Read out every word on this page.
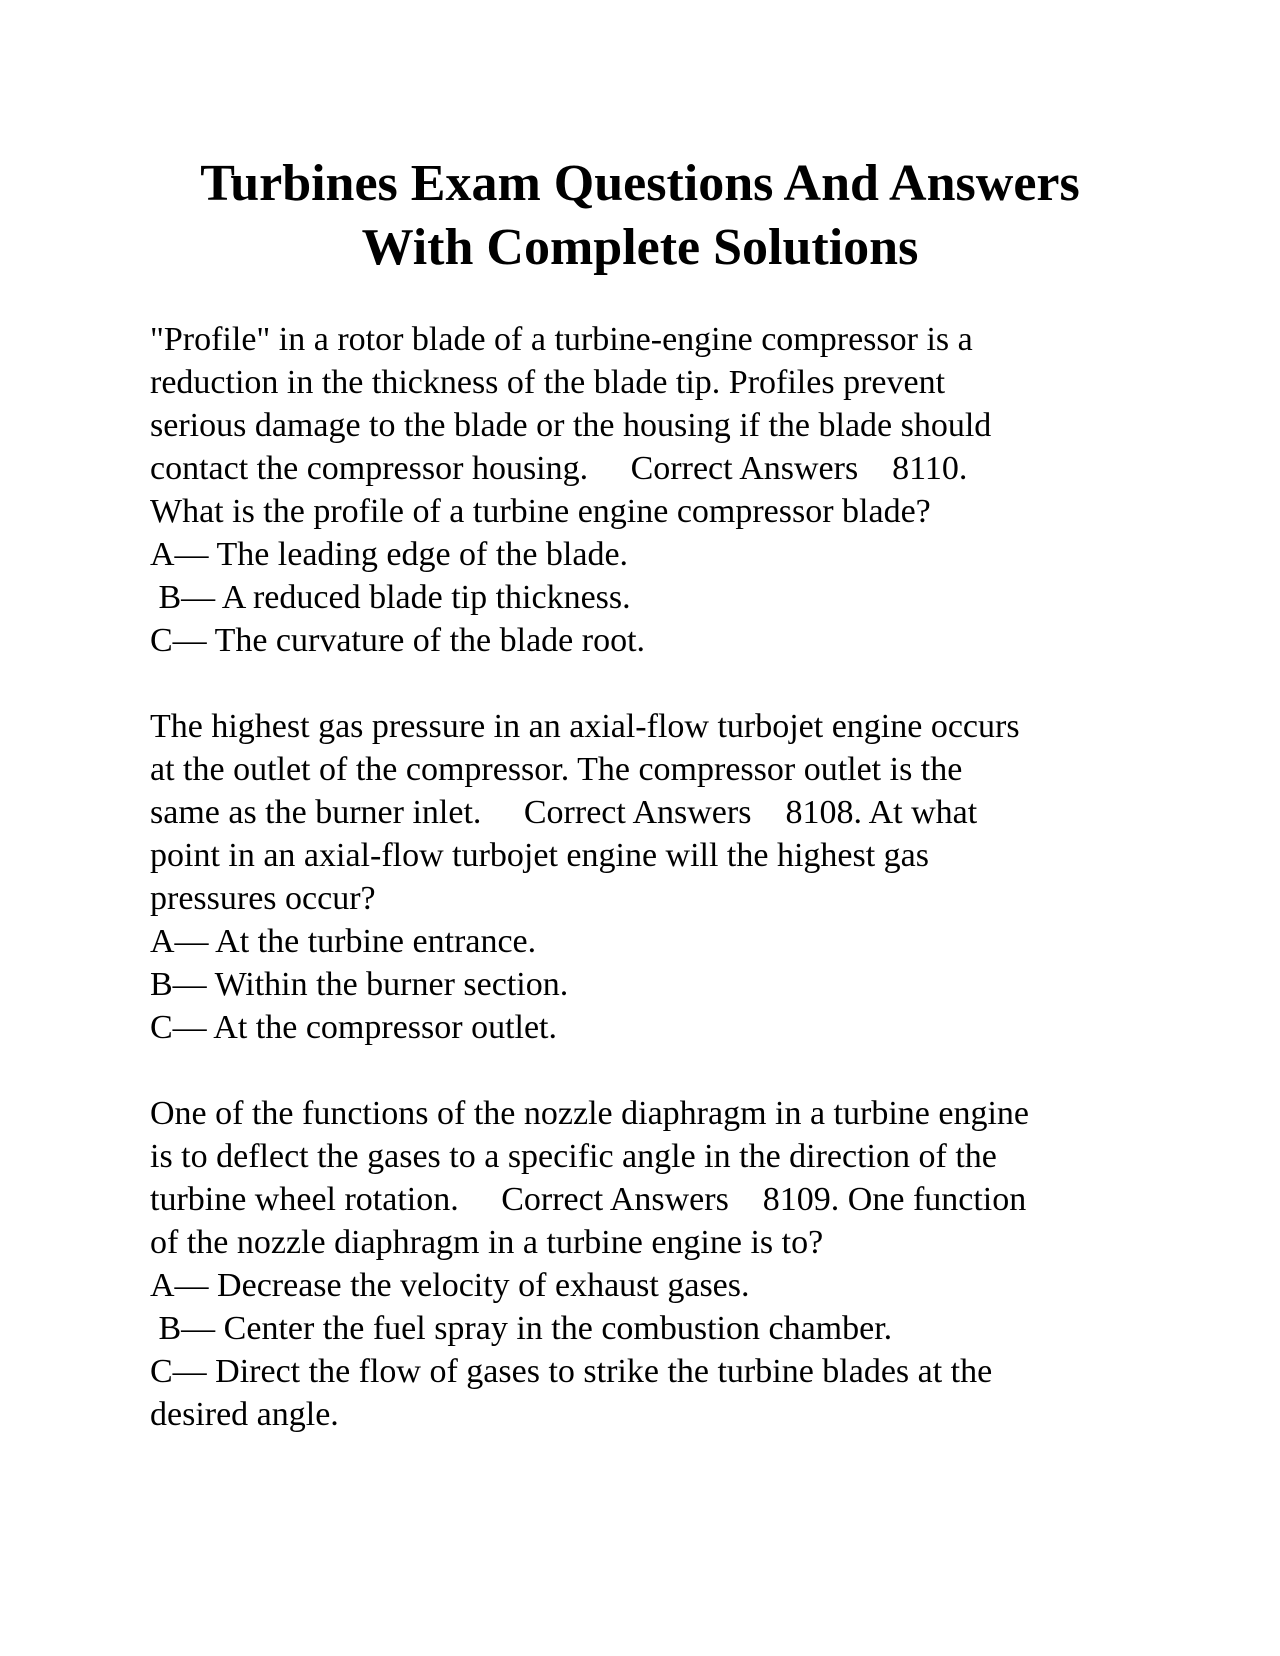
Turbines Exam Questions And Answers
With Complete Solutions
"Profile" in a rotor blade of a turbine-engine compressor is a
reduction in the thickness of the blade tip. Profiles prevent
serious damage to the blade or the housing if the blade should
contact the compressor housing.     Correct Answers    8110.
What is the profile of a turbine engine compressor blade?
A— The leading edge of the blade.
B— A reduced blade tip thickness.
C— The curvature of the blade root.
The highest gas pressure in an axial-flow turbojet engine occurs
at the outlet of the compressor. The compressor outlet is the
same as the burner inlet.     Correct Answers    8108. At what
point in an axial-flow turbojet engine will the highest gas
pressures occur?
A— At the turbine entrance.
B— Within the burner section.
C— At the compressor outlet.
One of the functions of the nozzle diaphragm in a turbine engine
is to deflect the gases to a specific angle in the direction of the
turbine wheel rotation.     Correct Answers    8109. One function
of the nozzle diaphragm in a turbine engine is to?
A— Decrease the velocity of exhaust gases.
B— Center the fuel spray in the combustion chamber.
C— Direct the flow of gases to strike the turbine blades at the
desired angle.
